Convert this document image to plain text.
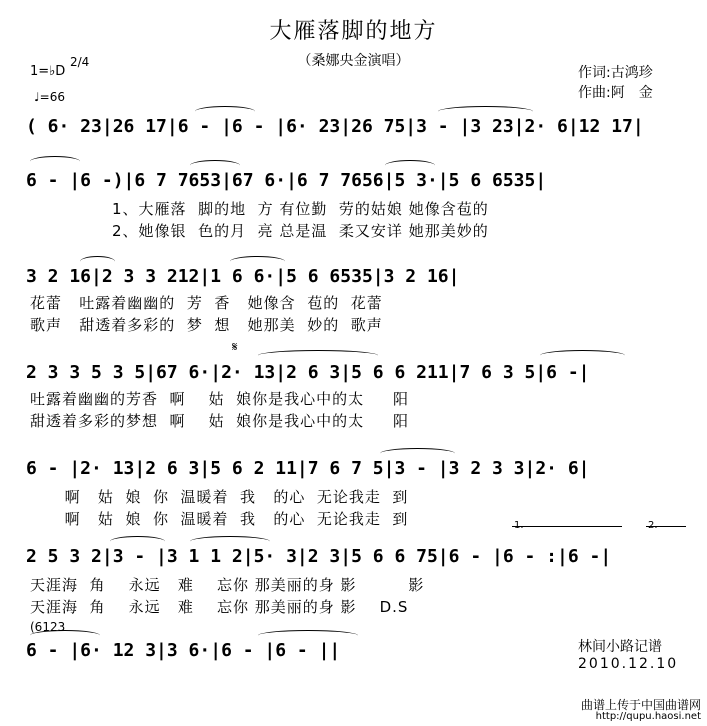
大雁落脚的地方
（桑娜央金演唱）
1=♭D
2/4
♩=66
作词:古鸿珍
作曲:阿　金
( 6· 23|26 17|6 - |6 - |6· 23|26 75|3 - |3 23|2· 6|12 17|
6 - |6 -)|6 7 7653|67 6·|6 7 7656|5 3·|5 6 6535|
1、大雁落  脚的地  方 有位勤  劳的姑娘 她像含苞的
2、她像银  色的月  亮 总是温  柔又安详 她那美妙的
3 2 16|2 3 3 212|1 6 6·|5 6 6535|3 2 16|
花蕾   吐露着幽幽的  芳  香   她像含  苞的  花蕾
歌声   甜透着多彩的  梦  想   她那美  妙的  歌声
2 3 3 5 3 5|67 6·|2· 13|2 6 3|5 6 6 211|7 6 3 5|6 -|
𝄋
吐露着幽幽的芳香  啊    姑  娘你是我心中的太     阳
甜透着多彩的梦想  啊    姑  娘你是我心中的太     阳
6 - |2· 13|2 6 3|5 6 2 11|7 6 7 5|3 - |3 2 3 3|2· 6|
啊   姑  娘  你  温暖着  我   的心  无论我走  到
啊   姑  娘  你  温暖着  我   的心  无论我走  到	1.	2.
2 5 3 2|3 - |3 1 1 2|5· 3|2 3|5 6 6 75|6 - |6 - :|6 -|
天涯海  角    永远   难    忘你 那美丽的身 影         影
天涯海  角    永远   难    忘你 那美丽的身 影    D.S
(6123
6 - |6· 12 3|3 6·|6 - |6 - ||	林间小路记谱
2010.12.10
曲谱上传于中国曲谱网
http://qupu.haosi.net
